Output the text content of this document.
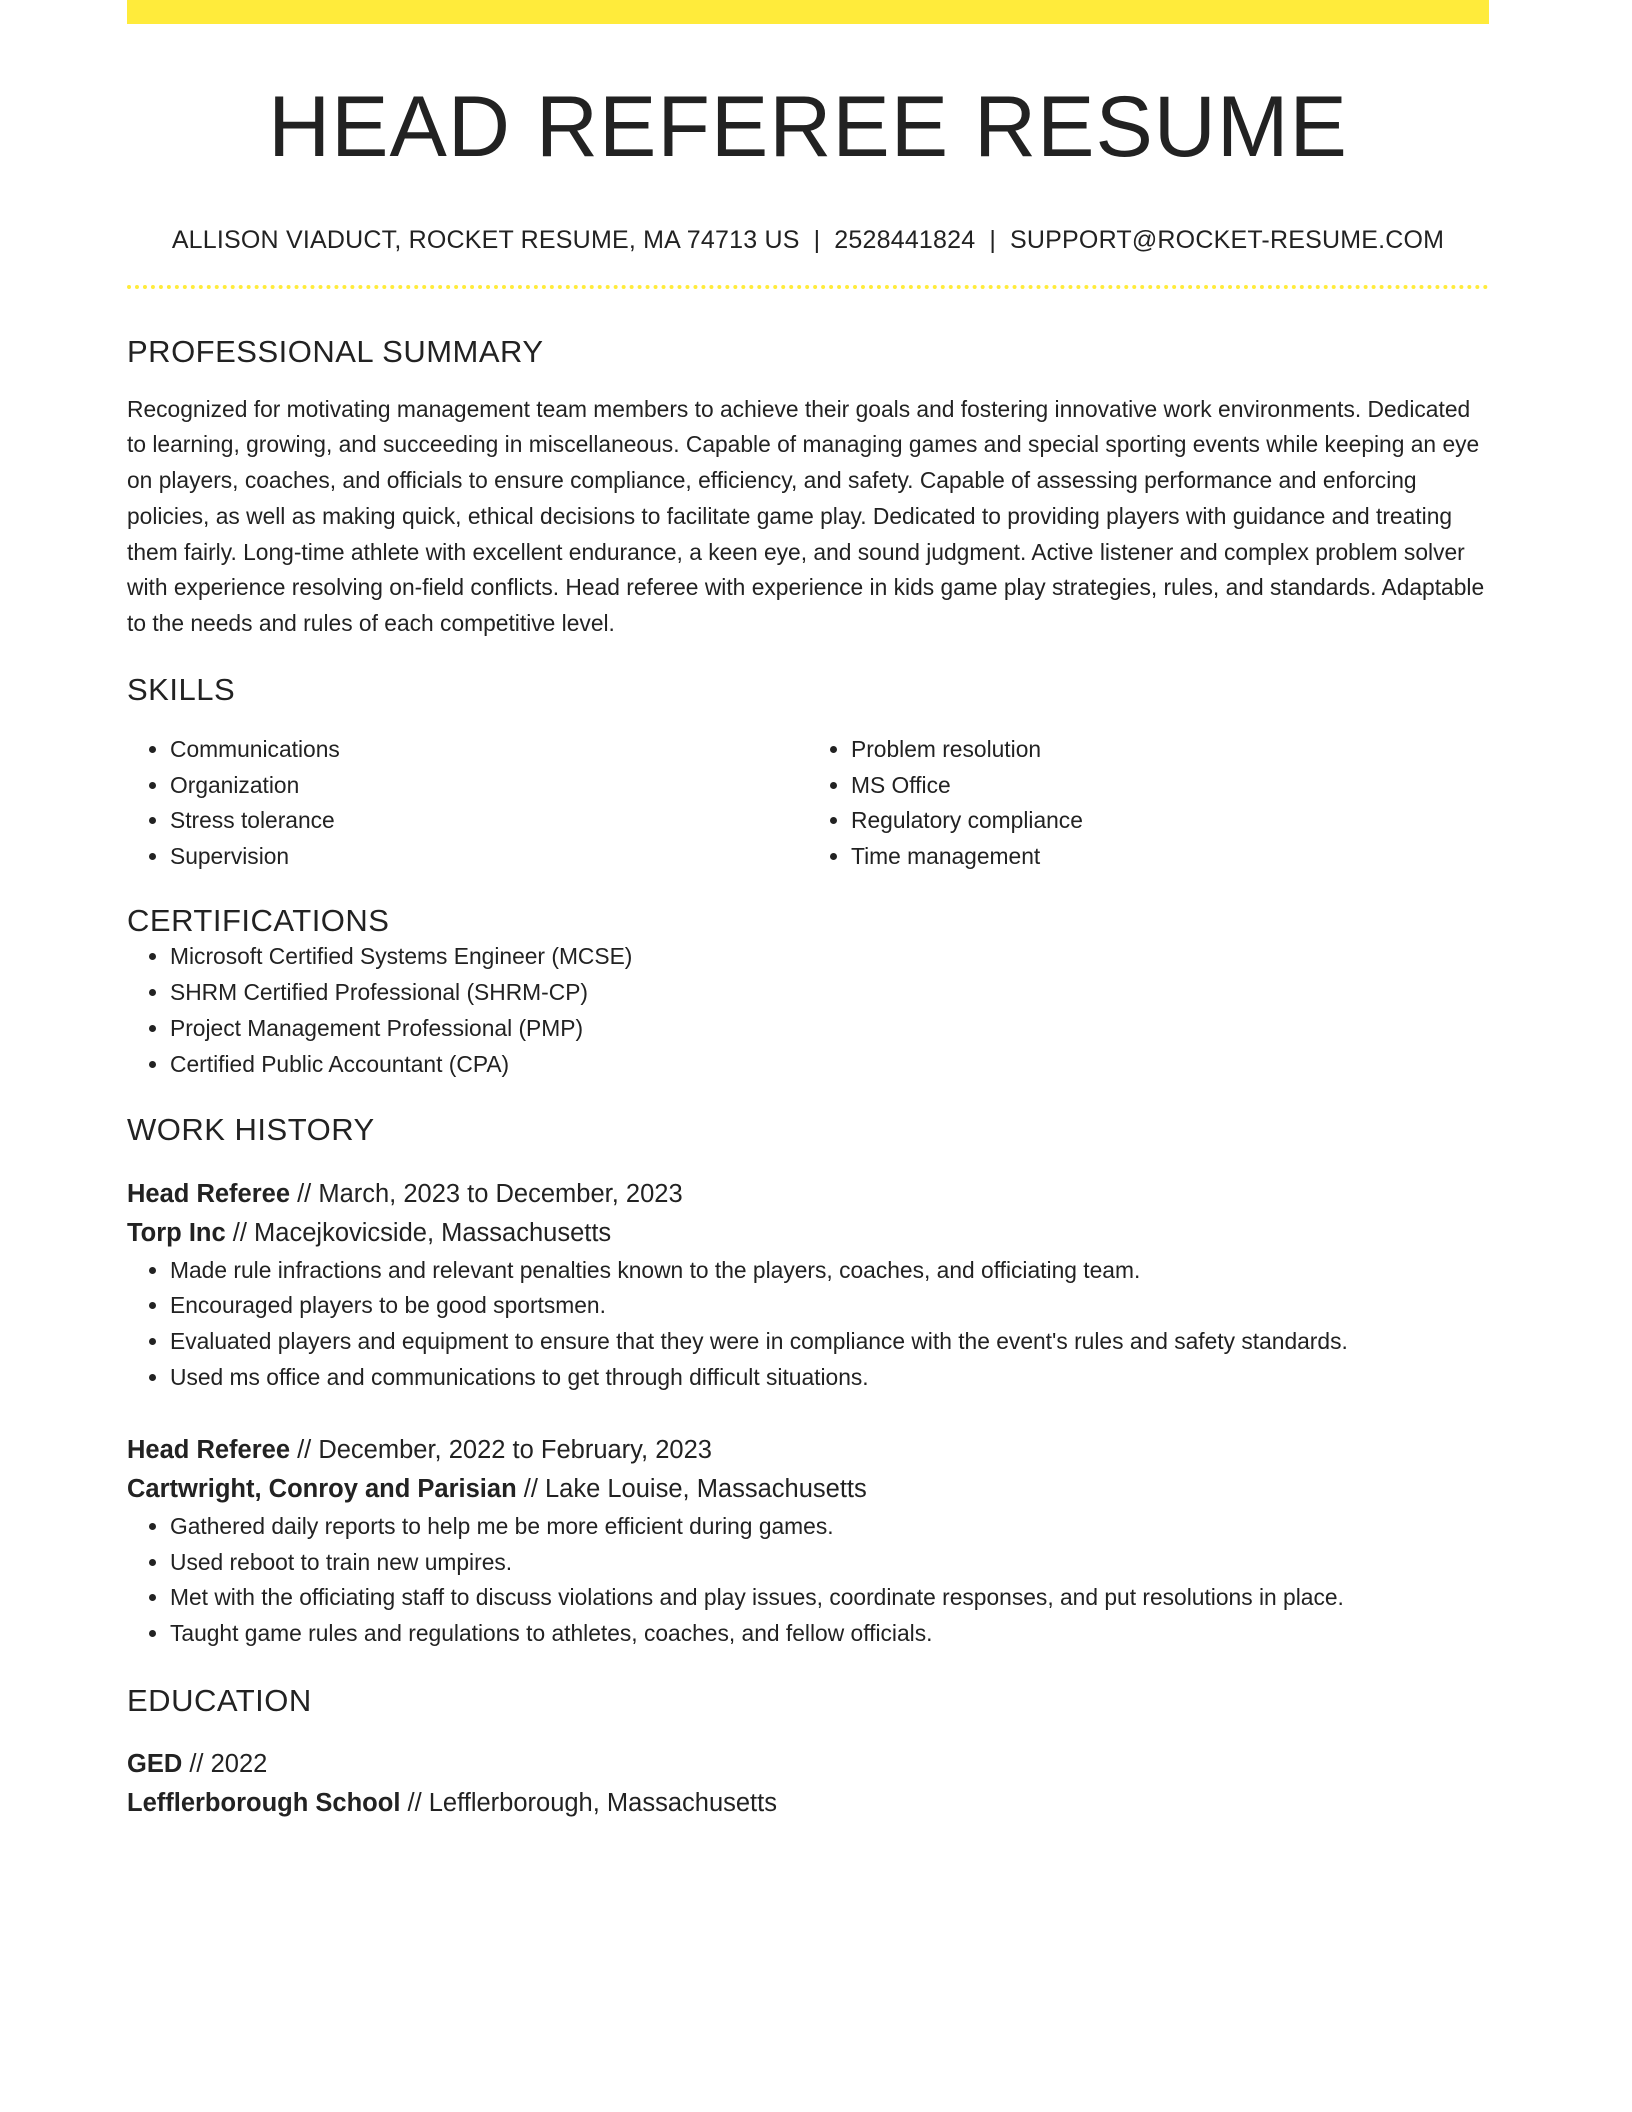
HEAD REFEREE RESUME
ALLISON VIADUCT, ROCKET RESUME, MA 74713 US | 2528441824 | SUPPORT@ROCKET-RESUME.COM
PROFESSIONAL SUMMARY

Recognized for motivating management team members to achieve their goals and fostering innovative work environments. Dedicated to learning, growing, and succeeding in miscellaneous. Capable of managing games and special sporting events while keeping an eye on players, coaches, and officials to ensure compliance, efficiency, and safety. Capable of assessing performance and enforcing policies, as well as making quick, ethical decisions to facilitate game play. Dedicated to providing players with guidance and treating them fairly. Long-time athlete with excellent endurance, a keen eye, and sound judgment. Active listener and complex problem solver with experience resolving on-field conflicts. Head referee with experience in kids game play strategies, rules, and standards. Adaptable to the needs and rules of each competitive level.

SKILLS
• Communications
• Organization
• Stress tolerance
• Supervision
• Problem resolution
• MS Office
• Regulatory compliance
• Time management
CERTIFICATIONS
• Microsoft Certified Systems Engineer (MCSE)
• SHRM Certified Professional (SHRM-CP)
• Project Management Professional (PMP)
• Certified Public Accountant (CPA)
WORK HISTORY
Head Referee // March, 2023 to December, 2023
Torp Inc // Macejkovicside, Massachusetts
• Made rule infractions and relevant penalties known to the players, coaches, and officiating team.
• Encouraged players to be good sportsmen.
• Evaluated players and equipment to ensure that they were in compliance with the event's rules and safety standards.
• Used ms office and communications to get through difficult situations.
Head Referee // December, 2022 to February, 2023
Cartwright, Conroy and Parisian // Lake Louise, Massachusetts
• Gathered daily reports to help me be more efficient during games.
• Used reboot to train new umpires.
• Met with the officiating staff to discuss violations and play issues, coordinate responses, and put resolutions in place.
• Taught game rules and regulations to athletes, coaches, and fellow officials.
EDUCATION
GED // 2022
Lefflerborough School // Lefflerborough, Massachusetts
